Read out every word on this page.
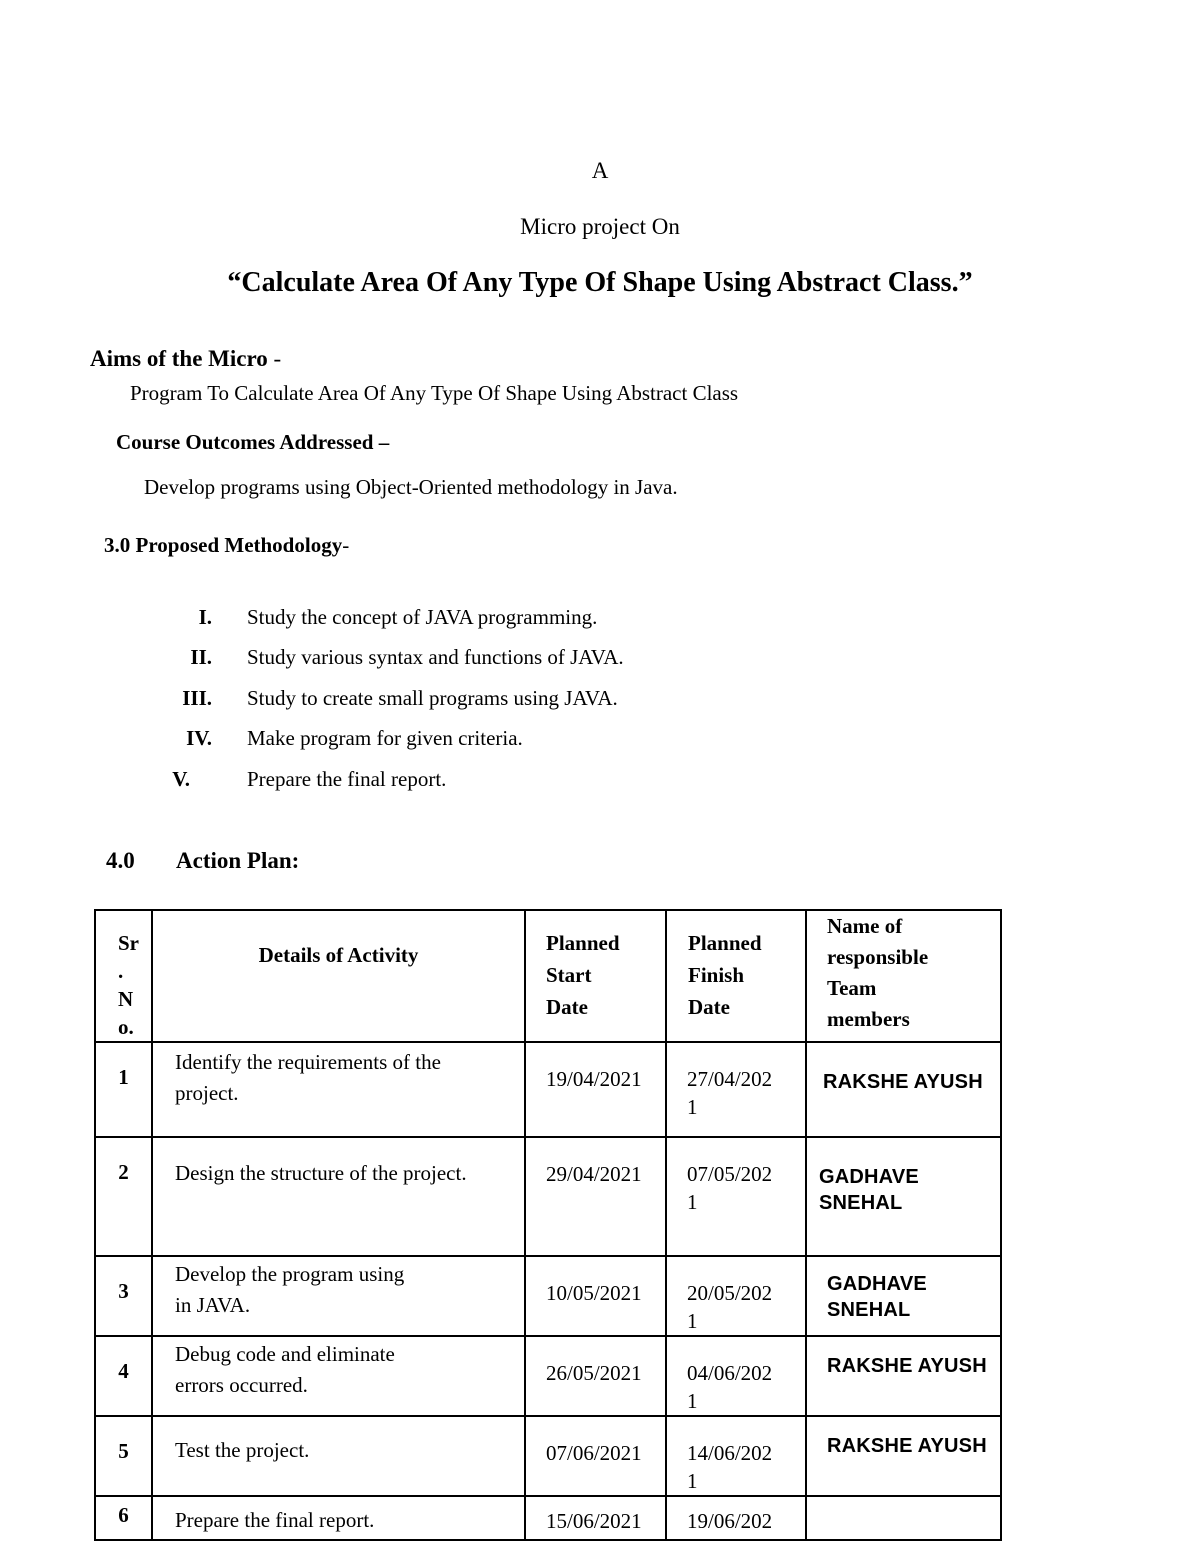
A
Micro project On
“Calculate Area Of Any Type Of Shape Using Abstract Class.”
Aims of the Micro -
Program To Calculate Area Of Any Type Of Shape Using Abstract Class
Course Outcomes Addressed –
Develop programs using Object-Oriented methodology in Java.
3.0 Proposed Methodology-
I. Study the concept of JAVA programming.
II. Study various syntax and functions of JAVA.
III. Study to create small programs using JAVA.
IV. Make program for given criteria.
V.	Prepare the final report.
4.0 Action Plan:
Sr
.
N
o.	Details of Activity	Planned
Start
Date	Planned
Finish
Date	Name of
responsible
Team
members

1	Identify the requirements of the
project.	19/04/2021	27/04/202
1	RAKSHE AYUSH

2	Design the structure of the project.	29/04/2021	07/05/202
1	GADHAVE
SNEHAL

3	Develop the program using
in JAVA.	10/05/2021	20/05/202
1	GADHAVE
SNEHAL

4	Debug code and eliminate
errors occurred.	26/05/2021	04/06/202
1	RAKSHE AYUSH

5	Test the project.	07/06/2021	14/06/202
1	RAKSHE AYUSH

6	Prepare the final report.	15/06/2021	19/06/202	
